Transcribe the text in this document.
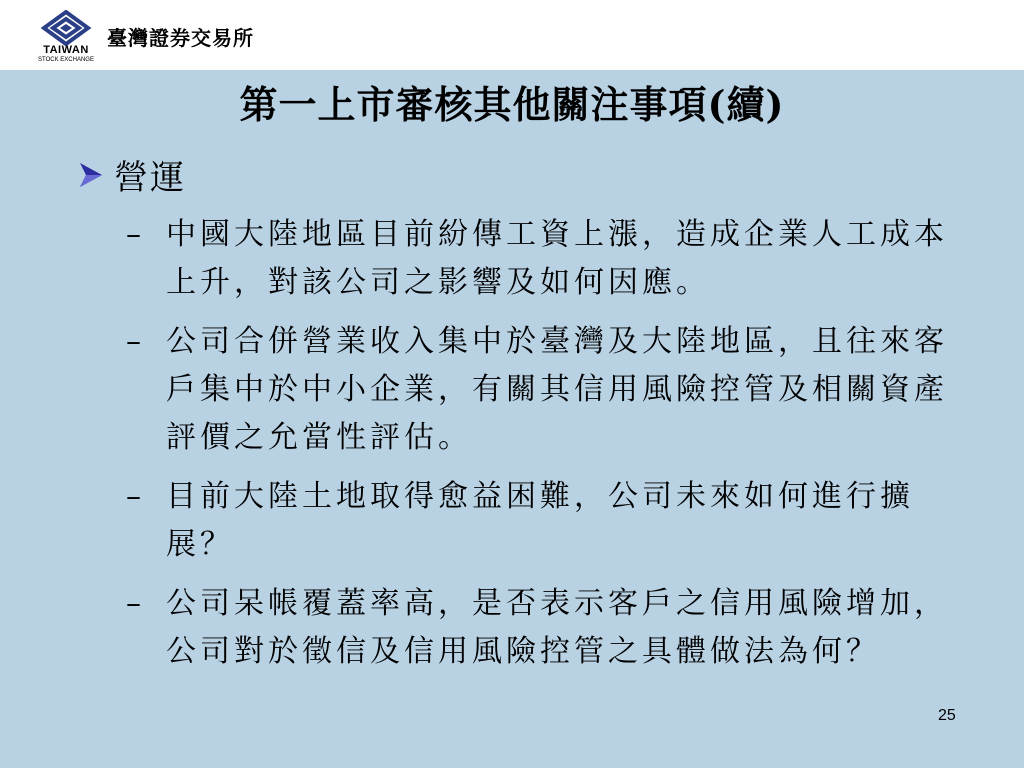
TAIWAN
STOCK EXCHANGE
臺灣證券交易所
第一上市審核其他關注事項(續)
營運
– 中國大陸地區目前紛傳工資上漲，造成企業人工成本上升，對該公司之影響及如何因應。
– 公司合併營業收入集中於臺灣及大陸地區，且往來客戶集中於中小企業，有關其信用風險控管及相關資產評價之允當性評估。
– 目前大陸土地取得愈益困難，公司未來如何進行擴展？
– 公司呆帳覆蓋率高，是否表示客戶之信用風險增加，公司對於徵信及信用風險控管之具體做法為何？
25
